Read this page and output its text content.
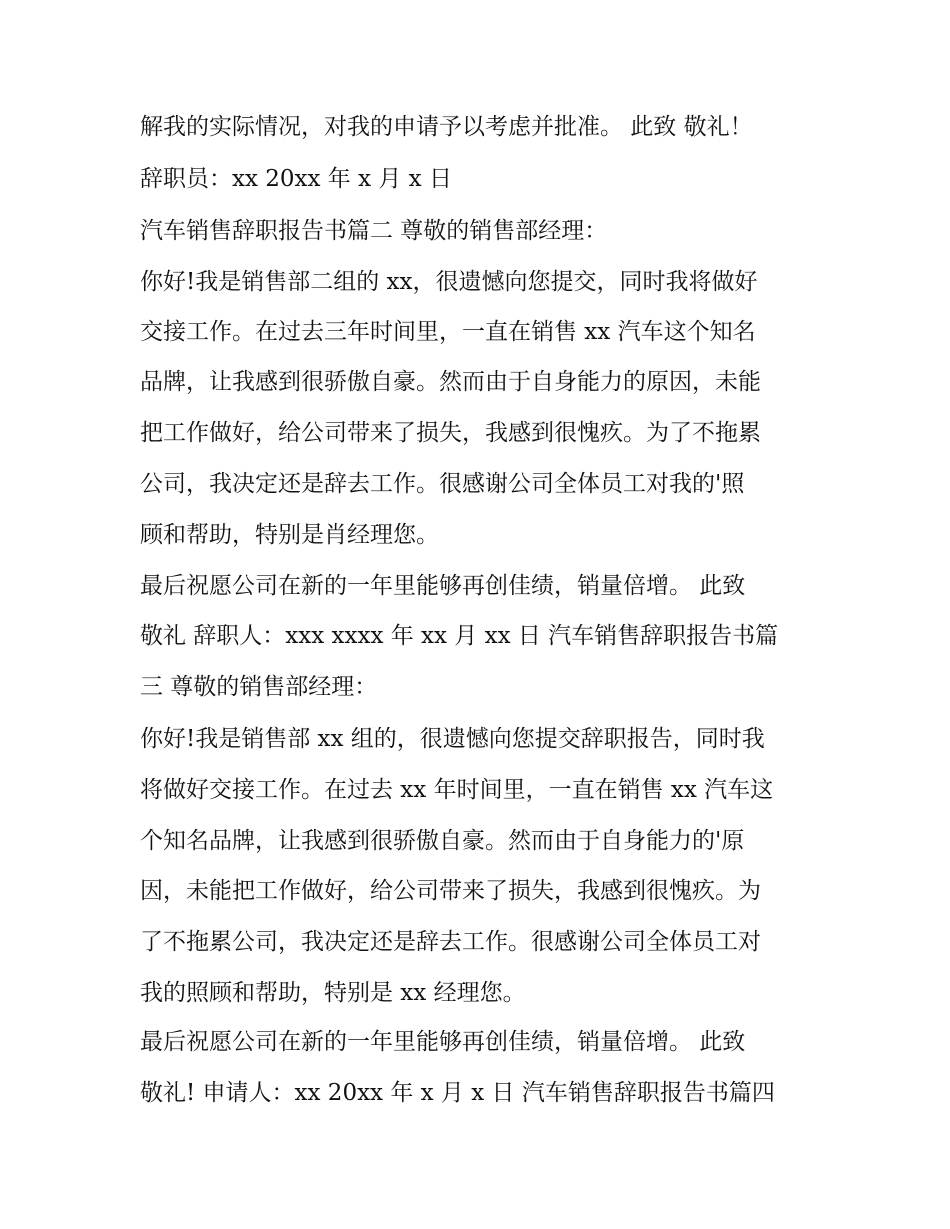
解我的实际情况，对我的申请予以考虑并批准。 此致 敬礼！
辞职员：xx 20xx 年 x 月 x 日
汽车销售辞职报告书篇二 尊敬的销售部经理：
你好!我是销售部二组的 xx，很遗憾向您提交，同时我将做好
交接工作。在过去三年时间里，一直在销售 xx 汽车这个知名
品牌，让我感到很骄傲自豪。然而由于自身能力的原因，未能
把工作做好，给公司带来了损失，我感到很愧疚。为了不拖累
公司，我决定还是辞去工作。很感谢公司全体员工对我的'照
顾和帮助，特别是肖经理您。
最后祝愿公司在新的一年里能够再创佳绩，销量倍增。 此致
敬礼 辞职人：xxx xxxx 年 xx 月 xx 日 汽车销售辞职报告书篇
三 尊敬的销售部经理：
你好!我是销售部 xx 组的，很遗憾向您提交辞职报告，同时我
将做好交接工作。在过去 xx 年时间里，一直在销售 xx 汽车这
个知名品牌，让我感到很骄傲自豪。然而由于自身能力的'原
因，未能把工作做好，给公司带来了损失，我感到很愧疚。为
了不拖累公司，我决定还是辞去工作。很感谢公司全体员工对
我的照顾和帮助，特别是 xx 经理您。
最后祝愿公司在新的一年里能够再创佳绩，销量倍增。 此致
敬礼! 申请人：xx 20xx 年 x 月 x 日 汽车销售辞职报告书篇四
